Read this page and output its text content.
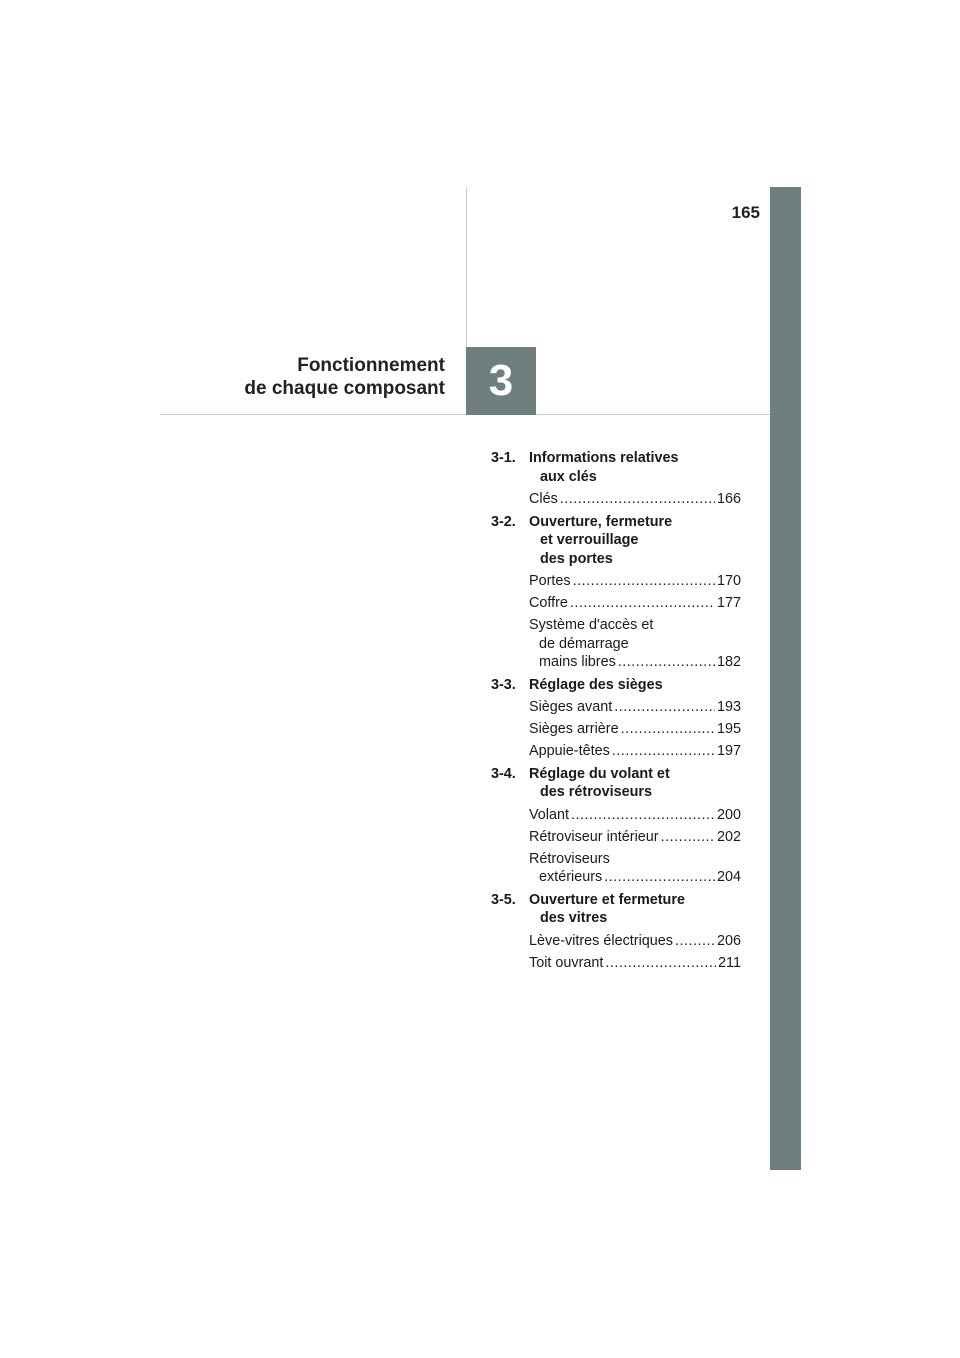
165
Fonctionnement
de chaque composant 3
3-1. Informations relatives
aux clés
Clés .....	166
3-2. Ouverture, fermeture
et verrouillage
des portes
Portes .....	170
Coffre .....	177
Système d'accès et
de démarrage
mains libres .....	182
3-3. Réglage des sièges
Sièges avant .....	193
Sièges arrière .....	195
Appuie-têtes .....	197
3-4. Réglage du volant et
des rétroviseurs
Volant .....	200
Rétroviseur intérieur .....	202
Rétroviseurs
extérieurs .....	204
3-5. Ouverture et fermeture
des vitres
Lève-vitres électriques .....	206
Toit ouvrant .....	211
